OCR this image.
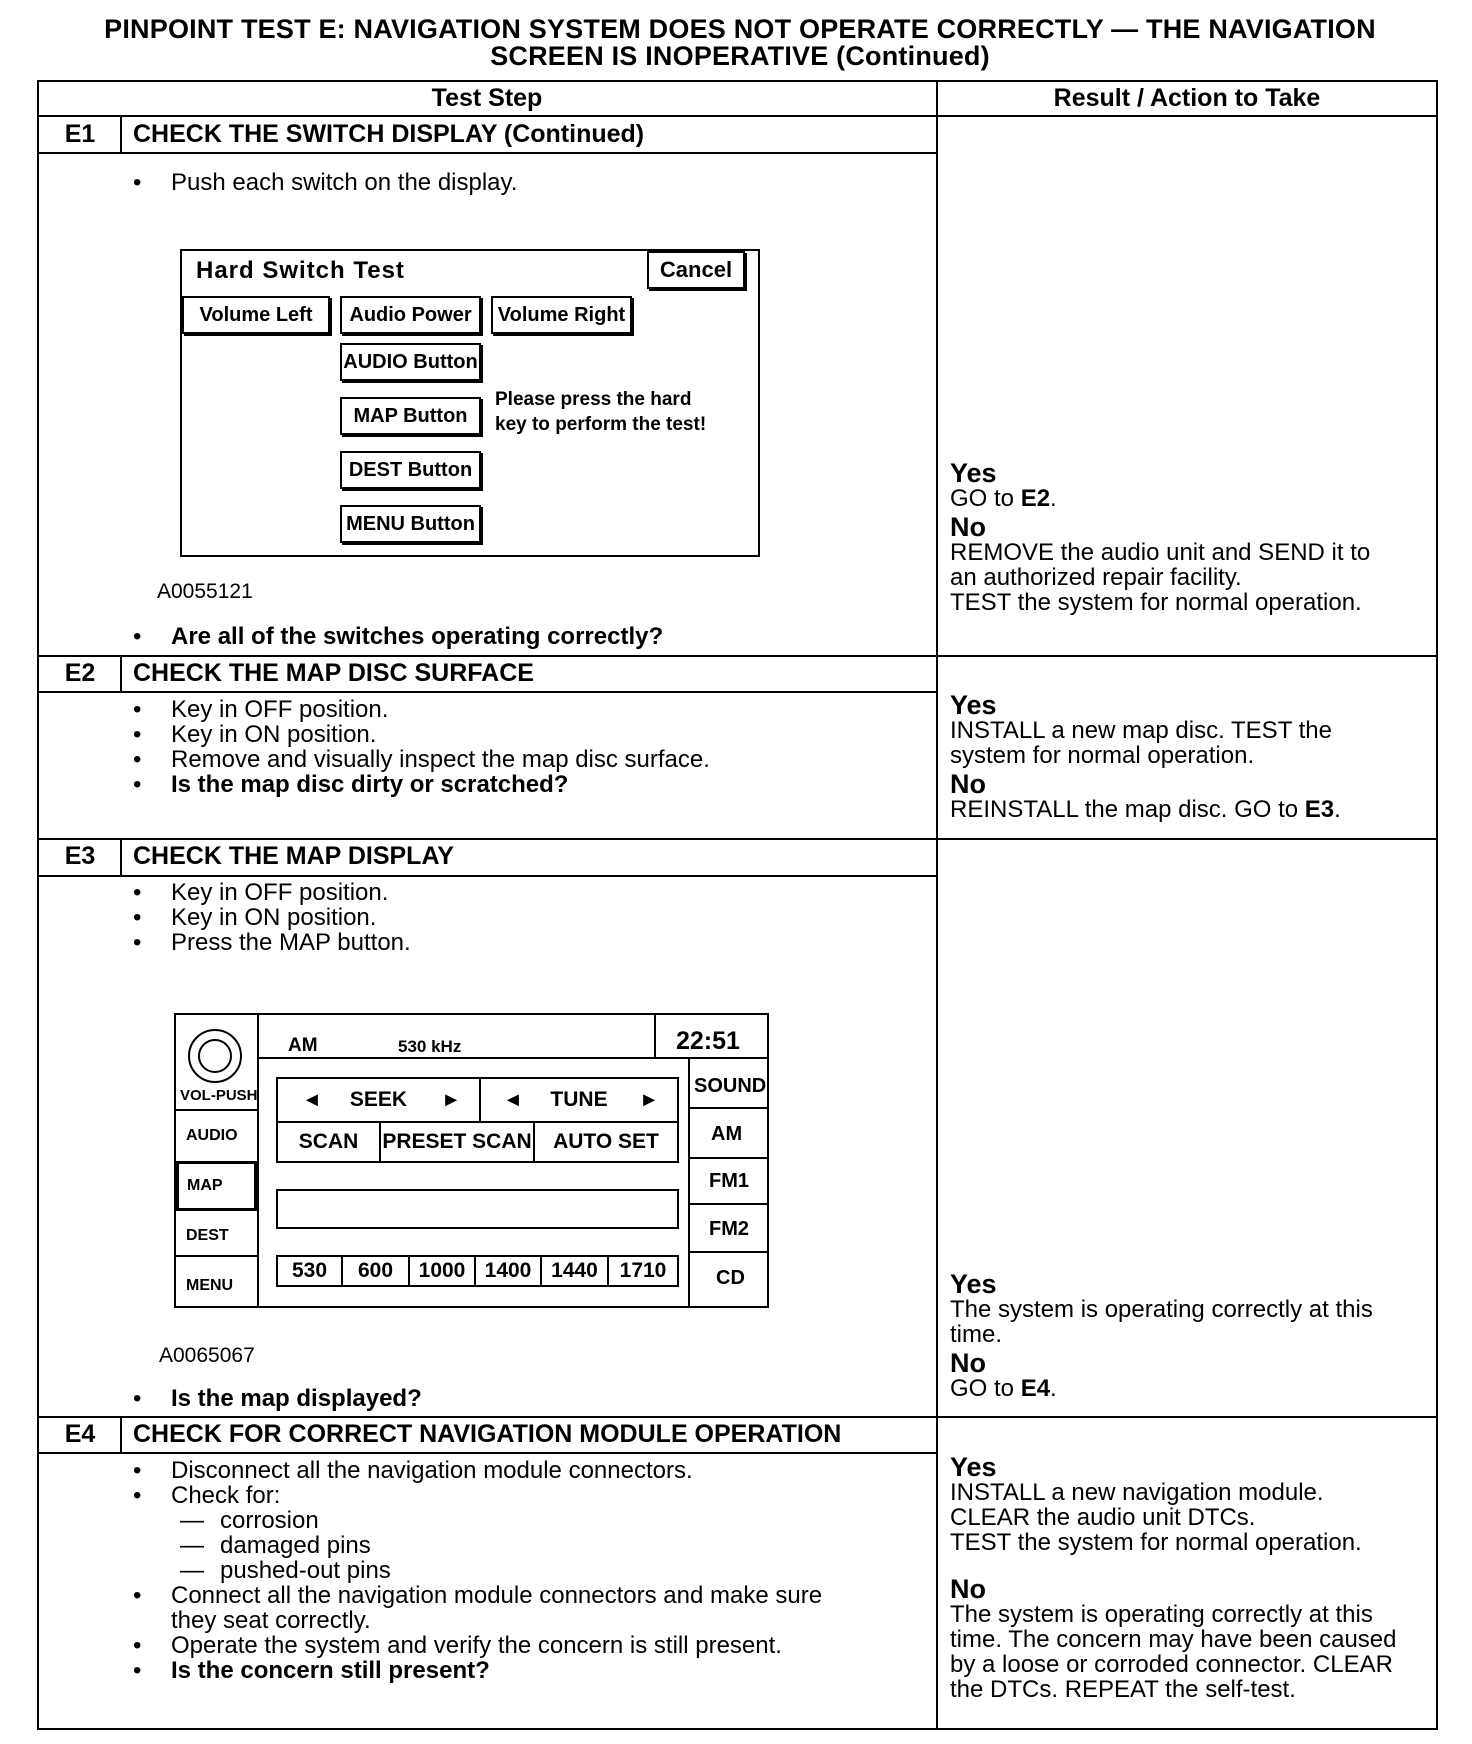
PINPOINT TEST E: NAVIGATION SYSTEM DOES NOT OPERATE CORRECTLY — THE NAVIGATION
SCREEN IS INOPERATIVE (Continued)
Test Step	Result / Action to Take
E1	CHECK THE SWITCH DISPLAY (Continued)
• Push each switch on the display.
Hard Switch Test	Cancel
Volume Left	Audio Power	Volume Right
AUDIO Button
MAP Button
DEST Button
MENU Button
Please press the hard
key to perform the test!
A0055121
• Are all of the switches operating correctly?
Yes
GO to E2.
No
REMOVE the audio unit and SEND it to
an authorized repair facility.
TEST the system for normal operation.
E2	CHECK THE MAP DISC SURFACE
• Key in OFF position.
• Key in ON position.
• Remove and visually inspect the map disc surface.
• Is the map disc dirty or scratched?
Yes
INSTALL a new map disc. TEST the
system for normal operation.
No
REINSTALL the map disc. GO to E3.
E3	CHECK THE MAP DISPLAY
• Key in OFF position.
• Key in ON position.
• Press the MAP button.
VOL-PUSH
AUDIO
MAP
DEST
MENU
AM	530 kHz	22:51
SOUND
AM
FM1
FM2
CD
◄ SEEK ► ◄ TUNE ►
SCAN	PRESET SCAN	AUTO SET
530	600	1000 1400 1440	1710
A0065067
• Is the map displayed?
Yes
The system is operating correctly at this
time.
No
GO to E4.
E4	CHECK FOR CORRECT NAVIGATION MODULE OPERATION
• Disconnect all the navigation module connectors.
• Check for:
— corrosion
— damaged pins
— pushed-out pins
• Connect all the navigation module connectors and make sure
they seat correctly.
• Operate the system and verify the concern is still present.
• Is the concern still present?
Yes
INSTALL a new navigation module.
CLEAR the audio unit DTCs.
TEST the system for normal operation.
No
The system is operating correctly at this
time. The concern may have been caused
by a loose or corroded connector. CLEAR
the DTCs. REPEAT the self-test.
